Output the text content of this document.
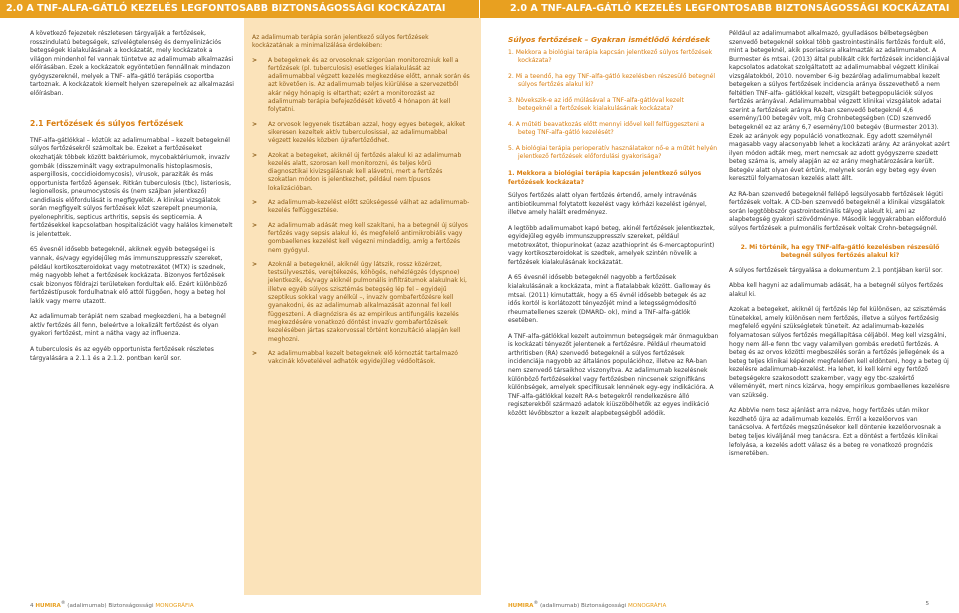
2.0 A TNF-ALFA-GÁTLÓ KEZELÉS LEGFONTOSABB BIZTONSÁGOSSÁGI KOCKÁZATAI	2.0 A TNF-ALFA-GÁTLÓ KEZELÉS LEGFONTOSABB BIZTONSÁGOSSÁGI KOCKÁZATAI

A következő fejezetek részletesen tárgyalják a fertőzések, rosszindulatú betegségek, szívelégtelenség és demyelinizációs betegségek kialakulásának a kockázatát, mely kockázatok a világon mindenhol fel vannak tüntetve az adalimumab alkalmazási előírásában. Ezek a kockázatok egyöntetűen fennállnak mindazon gyógyszereknél, melyek a TNF- alfa-gátló terápiás csoportba tartoznak. A kockázatok kiemelt helyen szerepelnek az alkalmazási előírásban.

2.1 Fertőzések és súlyos fertőzések

TNF-alfa-gátlókkal – köztük az adalimumabbal – kezelt betegeknél súlyos fertőzésekről számoltak be. Ezeket a fertőzéseket okozhatják többek között baktériumok, mycobaktériumok, invazív gombák (disszeminált vagy extrapulmonalis histoplasmosis, aspergillosis, coccidioidomycosis), vírusok, paraziták és más opportunista fertőző ágensek. Ritkán tuberculosis (tbc), listeriosis, legionellosis, pneumocystosis és (nem szájban jelentkező) candidiasis előfordulását is megfigyelték. A klinikai vizsgálatok során megfigyelt súlyos fertőzések közt szerepelt pneumonia, pyelonephritis, septicus arthritis, sepsis és septicemia. A fertőzésekkel kapcsolatban hospitalizációt vagy halálos kimenetelt is jelentettek.

65 évesnél idősebb betegeknél, akiknek egyéb betegségei is vannak, és/vagy egyidejűleg más immunszuppresszív szereket, például kortikoszteroidokat vagy metotrexátot (MTX) is szednek, még nagyobb lehet a fertőzések kockázata. Bizonyos fertőzések csak bizonyos földrajzi területeken fordultak elő. Ezért különböző fertőzéstípusok fordulhatnak elő attól függően, hogy a beteg hol lakik vagy merre utazott.

Az adalimumab terápiát nem szabad megkezdeni, ha a betegnél aktív fertőzés áll fenn, beleértve a lokalizált fertőzést és olyan gyakori fertőzést, mint a nátha vagy az influenza.

A tuberculosis és az egyéb opportunista fertőzések részletes tárgyalására a 2.1.1 és a 2.1.2. pontban kerül sor.

Az adalimumab terápia során jelentkező súlyos fertőzések kockázatának a minimalizálása érdekében:

> A betegeknek és az orvosoknak szigorúan monitorozniuk kell a fertőzések (pl. tuberculosis) esetleges kialakulását az adalimumabbal végzett kezelés megkezdése előtt, annak során és azt követően is. Az adalimumab teljes kiürülése a szervezetből akár négy hónapig is eltarthat; ezért a monitorozást az adalimumab terápia befejeződését követő 4 hónapon át kell folytatni.

> Az orvosok legyenek tisztában azzal, hogy egyes betegek, akiket sikeresen kezeltek aktív tuberculosissal, az adalimumabbal végzett kezelés közben újrafertőződhet.

> Azokat a betegeket, akiknél új fertőzés alakul ki az adalimumab kezelés alatt, szorosan kell monitorozni, és teljes körű diagnosztikai kivizsgálásnak kell alávetni, mert a fertőzés szokatlan módon is jelentkezhet, például nem típusos lokalizációban.

> Az adalimumab-kezelést előtt szükségessé válhat az adalimumab-kezelés felfüggesztése.

> Az adalimumab adását meg kell szakítani, ha a betegnél új súlyos fertőzés vagy sepsis alakul ki, és megfelelő antimikrobiális vagy gombaellenes kezelést kell végezni mindaddig, amíg a fertőzés nem gyógyul.

> Azoknál a betegeknél, akiknél úgy látszik, rossz közérzet, testsúlyvesztés, verejtékezés, köhögés, nehézlégzés (dyspnoe) jelentkezik, és/vagy akiknél pulmonális infiltrátumok alakulnak ki, illetve egyéb súlyos szisztémás betegség lép fel – egyidejű szeptikus sokkal vagy anélkül –, invazív gombafertőzésre kell gyanakodni, és az adalimumab alkalmazását azonnal fel kell függeszteni. A diagnózisra és az empirikus antifungális kezelés megkezdésére vonatkozó döntést invazív gombafertőzések kezelésében jártas szakorvossal történt konzultáció alapján kell meghozni.

> Az adalimumabbal kezelt betegeknek elő kórnoztát tartalmazó vakcinák követelével adhatók egyidejűleg védőoltások.

Súlyos fertőzések – Gyakran ismétlődő kérdések

1. Mekkora a biológiai terápia kapcsán jelentkező súlyos fertőzések kockázata?

2. Mi a teendő, ha egy TNF-alfa-gátló kezelésben részesülő betegnél súlyos fertőzés alakul ki?

3. Növekszik-e az idő múlásával a TNF-alfa-gátlóval kezelt betegeknél a fertőzések kialakulásának kockázata?

4. A műtéti beavatkozás előtt mennyi idővel kell felfüggeszteni a beteg TNF-alfa-gátló kezelését?

5. A biológiai terápia perioperatív használatakor nő-e a műtét helyén jelentkező fertőzések előfordulási gyakorisága?

1. Mekkora a biológiai terápia kapcsán jelentkező súlyos fertőzések kockázata?

Súlyos fertőzés alatt olyan fertőzés értendő, amely intravénás antibiotikummal folytatott kezelést vagy kórházi kezelést igényel, illetve amely halált eredményez.

A legtöbb adalimumabot kapó beteg, akinél fertőzések jelentkeztek, egyidejűleg egyéb immunszuppresszív szereket, például metotrexátot, thiopurinokat (azaz azathioprint és 6-mercaptopurint) vagy kortikoszteroidokat is szedtek, amelyek szintén növelik a fertőzések kialakulásának kockázatát.

A 65 évesnél idősebb betegeknél nagyobb a fertőzések kialakulásának a kockázata, mint a fiatalabbak között. Galloway és mtsai. (2011) kimutatták, hogy a 65 évnél idősebb betegek és az idős kortól is korlátozott tényezőjét mind a letegsségmódosító rheumatellenes szerek (DMARD- ok), mind a TNF-alfa-gátlók esetében.

A TNF-alfa-gátlókkal kezelt autoimmun betegségek már önmagukban is kockázati tényezőt jelentenek a fertőzésre. Például rheumatoid arthritisben (RA) szenvedő betegeknél a súlyos fertőzések incidenciája nagyobb az általános populációhoz, illetve az RA-ban nem szenvedő társaikhoz viszonyítva. Az adalimumab kezelésnek különböző fertőzésekkel vagy fertőzésben nincsenek szignifikáns különbségek, amelyek specifikusak lennének egy-egy indikációra. A TNF-alfa-gátlókkal kezelt RA-s betegekről rendelkezésre álló regiszterekből származó adatok kiüszöbölhetők az egyes indikáció között lévőbbsztor a kezelt alapbetegségből adódik.

Például az adalimumabot alkalmazó, gyulladásos bélbetegségben szenvedő betegeknél sokkal több gastrointestinális fertőzés fordult elő, mint a betegeknél, akik psoriasisra alkalmazták az adalimumabot. A Burmester és mtsai. (2013) által publikált cikk fertőzések incidenciájával kapcsolatos adatokat szolgáltatott az adalimumabbal végzett klinikai vizsgálatokból, 2010. november 6-ig bezárólag adalimumabbal kezelt betegeken a súlyos fertőzések incidencia aránya összevethető a nem feltétlen TNF-alfa- gátlókkal kezelt, vizsgált betegpopulációk súlyos fertőzés arányával. Adalimumabbal végzett klinikai vizsgálatok adatai szerint a fertőzések aránya RA-ban szenvedő betegeknél 4,6 esemény/100 betegév volt, míg Crohnbetegségben (CD) szenvedő betegeknél ez az arány 6,7 esemény/100 betegév (Burmester 2013). Ezek az arányok egy populáció vonatkoznak. Egy adott személynél magasabb vagy alacsonyabb lehet a kockázati arány. Az arányokat azért ilyen módon adták meg, mert nemcsak az adott gyógyszerre szedett beteg száma is, amely alapján az ez arány meghatározására került. Betegév alatt olyan évet értünk, melynek során egy beteg egy éven keresztül folyamatosan kezelés alatt állt.

Az RA-ban szenvedő betegeknél fellépő legsúlyosabb fertőzések légúti fertőzések voltak. A CD-ben szenvedő betegeknél a klinikai vizsgálatok során leggtöbbször gastrointestinális tályog alakult ki, ami az alapbetegség gyakori szövődménye. Második leggyakrabban előforduló súlyos fertőzések a pulmonális fertőzések voltak Crohn-betegségnél.

2. Mi történik, ha egy TNF-alfa-gátló kezelésben részesülő betegnél súlyos fertőzés alakul ki?

A súlyos fertőzések tárgyalása a dokumentum 2.1 pontjában kerül sor.

Abba kell hagyni az adalimumab adását, ha a betegnél súlyos fertőzés alakul ki.

Azokat a betegeket, akiknél új fertőzés lép fel különösen, az szisztémás tünetekkel, amely különösen nem fertőzés, illetve a súlyos fertőzésig megfelelő egyéni szükségletek tüneteit. Az adalimumab-kezelés folyamatosan súlyos fertőzés megállapítása céljából. Meg kell vizsgálni, hogy nem áll-e fenn tbc vagy valamilyen gombás eredetű fertőzés. A beteg és az orvos közötti megbeszélés során a fertőzés jellegének és a beteg teljes klinikai képének megfelelően kell eldönteni, hogy a beteg új kezelésre adalimumab-kezelést. Ha lehet, ki kell kérni egy fertőző betegségekre szakosodott szakember, vagy egy tbc-szakértő véleményét, mert nincs kizárva, hogy empirikus gombaellenes kezelésre van szükség.

Az AbbVie nem tesz ajánlást arra nézve, hogy fertőzés után mikor kezdhető újra az adalimumab kezelés. Erről a kezelőorvos van tanácsolva. A fertőzés megszűnésekor kell döntenie kezelőorvosnak a beteg teljes kiváljánál meg tanácsra. Ezt a döntést a fertőzés klinikai lefolyása, a kezelés adott válasz és a beteg re vonatkozó prognózis ismeretében.

4 HUMIRA® (adalimumab) Biztonságossági MONOGRÁFIA	HUMIRA® (adalimumab) Biztonságossági MONOGRÁFIA	5
